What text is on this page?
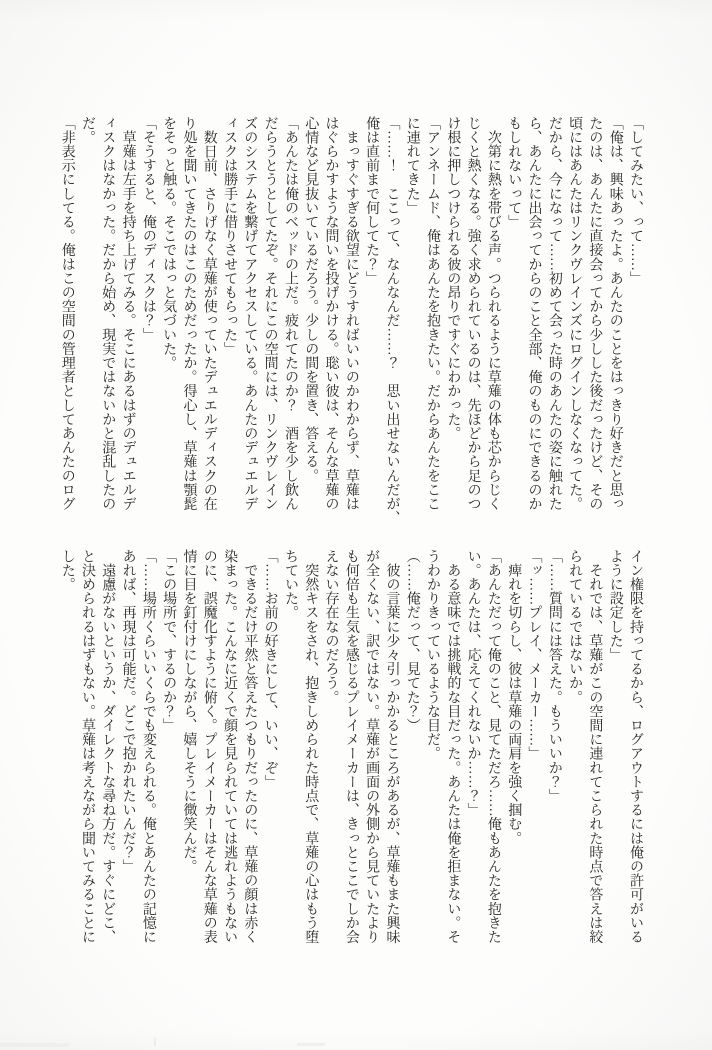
「してみたい、って……」
「俺は、興味あったよ。あんたのことをはっきり好きだと思っ
たのは、あんたに直接会ってから少しした後だったけど、その
頃にはあんたはリンクヴレインズにログインしなくなってた。
だから、今になって……初めて会った時のあんたの姿に触れた
ら、あんたに出会ってからのこと全部、俺のものにできるのか
もしれないって」
　次第に熱を帯びる声。つられるように草薙の体も芯からじく
じくと熱くなる。強く求められているのは、先ほどから足のつ
け根に押しつけられる彼の昂りですぐにわかった。
「アンネームド、俺はあんたを抱きたい。だからあんたをここ
に連れてきた」
「……！　ここって、なんなんだ……？　思い出せないんだが、
俺は直前まで何してた？」
　まっすぐすぎる欲望にどうすればいいのかわからず、草薙は
はぐらかすような問いを投げかける。聡い彼は、そんな草薙の
心情など見抜いているだろう。少しの間を置き、答える。
「あんたは俺のベッドの上だ。疲れてたのか？　酒を少し飲ん
だらうとうとしてたぞ。それにこの空間には、リンクヴレイン
ズのシステムを繋げてアクセスしている。あんたのデュエルデ
ィスクは勝手に借りさせてもらった」
　数日前、さりげなく草薙が使っていたデュエルディスクの在
り処を聞いてきたのはこのためだったか。得心し、草薙は顎髭
をそっと触る。そこではっと気づいた。
「そうすると、俺のディスクは？」
　草薙は左手を持ち上げてみる。そこにあるはずのデュエルデ
ィスクはなかった。だから始め、現実ではないかと混乱したの
だ。
「非表示にしてる。俺はこの空間の管理者としてあんたのログ
イン権限を持ってるから、ログアウトするには俺の許可がいる
ように設定した」
　それでは、草薙がこの空間に連れてこられた時点で答えは絞
られているではないか。
「……質問には答えた。もういいか？」
「ッ……プレイ、メーカー……」
　痺れを切らし、彼は草薙の両肩を強く掴む。
「あんただって俺のこと、見てただろ……俺もあんたを抱きた
い。あんたは、応えてくれないか……？」
　ある意味では挑戦的な目だった。あんたは俺を拒まない。そ
うわかりきっているような目だ。
（……俺だって、見てた？）
　彼の言葉に少々引っかかるところがあるが、草薙もまた興味
が全くない、訳ではない。草薙が画面の外側から見ていたより
も何倍も生気を感じるプレイメーカーは、きっとここでしか会
えない存在なのだろう。
　突然キスをされ、抱きしめられた時点で、草薙の心はもう堕
ちていた。
「……お前の好きにして、いい、ぞ」
　できるだけ平然と答えたつもりだったのに、草薙の顔は赤く
染まった。こんなに近くで顔を見られていては逃れようもない
のに、誤魔化すように俯く。プレイメーカーはそんな草薙の表
情に目を釘付けにしながら、嬉しそうに微笑んだ。
「この場所で、するのか？」
「……場所くらいいくらでも変えられる。俺とあんたの記憶に
あれば、再現は可能だ。どこで抱かれたいんだ？」
　遠慮がないというか、ダイレクトな尋ね方だ。すぐにどこ、
と決められるはずもない。草薙は考えながら聞いてみることに
した。
